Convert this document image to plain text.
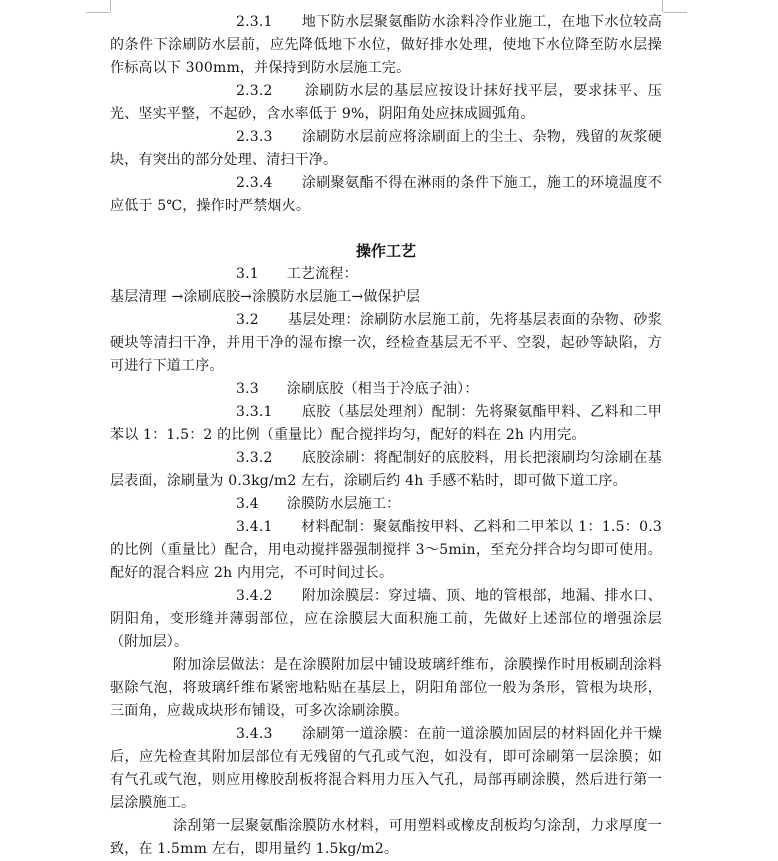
2.3.1 地下防水层聚氨酯防水涂料冷作业施工，在地下水位较高的条件下涂刷防水层前，应先降低地下水位，做好排水处理，使地下水位降至防水层操作标高以下 300mm，并保持到防水层施工完。

2.3.2 涂刷防水层的基层应按设计抹好找平层，要求抹平、压光、坚实平整，不起砂，含水率低于 9%，阴阳角处应抹成圆弧角。

2.3.3 涂刷防水层前应将涂刷面上的尘土、杂物，残留的灰浆硬块，有突出的部分处理、清扫干净。

2.3.4 涂刷聚氨酯不得在淋雨的条件下施工，施工的环境温度不应低于 5℃，操作时严禁烟火。

操作工艺

3.1 工艺流程：

基层清理 →涂刷底胶→涂膜防水层施工→做保护层

3.2 基层处理：涂刷防水层施工前，先将基层表面的杂物、砂浆硬块等清扫干净，并用干净的湿布擦一次，经检查基层无不平、空裂，起砂等缺陷，方可进行下道工序。

3.3 涂刷底胶（相当于冷底子油）：

3.3.1 底胶（基层处理剂）配制：先将聚氨酯甲料、乙料和二甲苯以 1：1.5：2 的比例（重量比）配合搅拌均匀，配好的料在 2h 内用完。

3.3.2 底胶涂刷：将配制好的底胶料，用长把滚刷均匀涂刷在基层表面，涂刷量为 0.3kg/m2 左右，涂刷后约 4h 手感不粘时，即可做下道工序。

3.4 涂膜防水层施工：

3.4.1 材料配制：聚氨酯按甲料、乙料和二甲苯以 1：1.5：0.3 的比例（重量比）配合，用电动搅拌器强制搅拌 3～5min，至充分拌合均匀即可使用。配好的混合料应 2h 内用完，不可时间过长。

3.4.2 附加涂膜层：穿过墙、顶、地的管根部，地漏、排水口、阴阳角，变形缝并薄弱部位，应在涂膜层大面积施工前，先做好上述部位的增强涂层（附加层）。

附加涂层做法：是在涂膜附加层中铺设玻璃纤维布，涂膜操作时用板刷刮涂料驱除气泡，将玻璃纤维布紧密地粘贴在基层上，阴阳角部位一般为条形，管根为块形，三面角，应裁成块形布铺设，可多次涂刷涂膜。

3.4.3 涂刷第一道涂膜：在前一道涂膜加固层的材料固化并干燥后，应先检查其附加层部位有无残留的气孔或气泡，如没有，即可涂刷第一层涂膜；如有气孔或气泡，则应用橡胶刮板将混合料用力压入气孔，局部再刷涂膜，然后进行第一层涂膜施工。

涂刮第一层聚氨酯涂膜防水材料，可用塑料或橡皮刮板均匀涂刮，力求厚度一致，在 1.5mm 左右，即用量约 1.5kg/m2。
